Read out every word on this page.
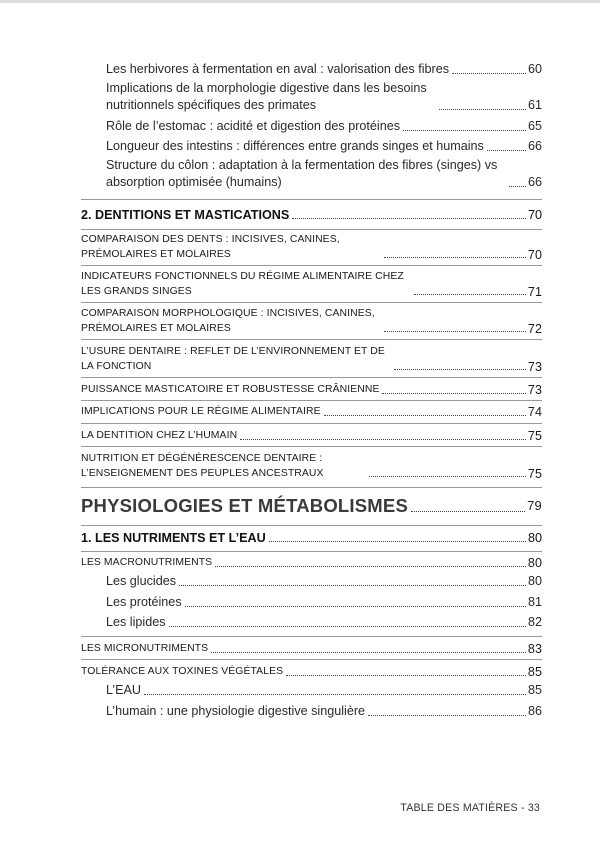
Les herbivores à fermentation en aval : valorisation des fibres	60
Implications de la morphologie digestive dans les besoins nutritionnels spécifiques des primates	61
Rôle de l’estomac : acidité et digestion des protéines	65
Longueur des intestins : différences entre grands singes et humains	66
Structure du côlon : adaptation à la fermentation des fibres (singes) vs absorption optimisée (humains)	66
2. DENTITIONS ET MASTICATIONS	70
COMPARAISON DES DENTS : INCISIVES, CANINES, PRÉMOLAIRES ET MOLAIRES	70
INDICATEURS FONCTIONNELS DU RÉGIME ALIMENTAIRE CHEZ LES GRANDS SINGES	71
COMPARAISON MORPHOLOGIQUE : INCISIVES, CANINES, PRÉMOLAIRES ET MOLAIRES	72
L’USURE DENTAIRE : REFLET DE L’ENVIRONNEMENT ET DE LA FONCTION	73
PUISSANCE MASTICATOIRE ET ROBUSTESSE CRÂNIENNE	73
IMPLICATIONS POUR LE RÉGIME ALIMENTAIRE	74
LA DENTITION CHEZ L’HUMAIN	75
NUTRITION ET DÉGÉNÉRESCENCE DENTAIRE : L’ENSEIGNEMENT DES PEUPLES ANCESTRAUX	75
PHYSIOLOGIES ET MÉTABOLISMES	79
1. LES NUTRIMENTS ET L’EAU	80
LES MACRONUTRIMENTS	80
Les glucides	80
Les protéines	81
Les lipides	82
LES MICRONUTRIMENTS	83
TOLÉRANCE AUX TOXINES VÉGÉTALES	85
L’EAU	85
L’humain : une physiologie digestive singulière	86
TABLE DES MATIÈRES - 33
